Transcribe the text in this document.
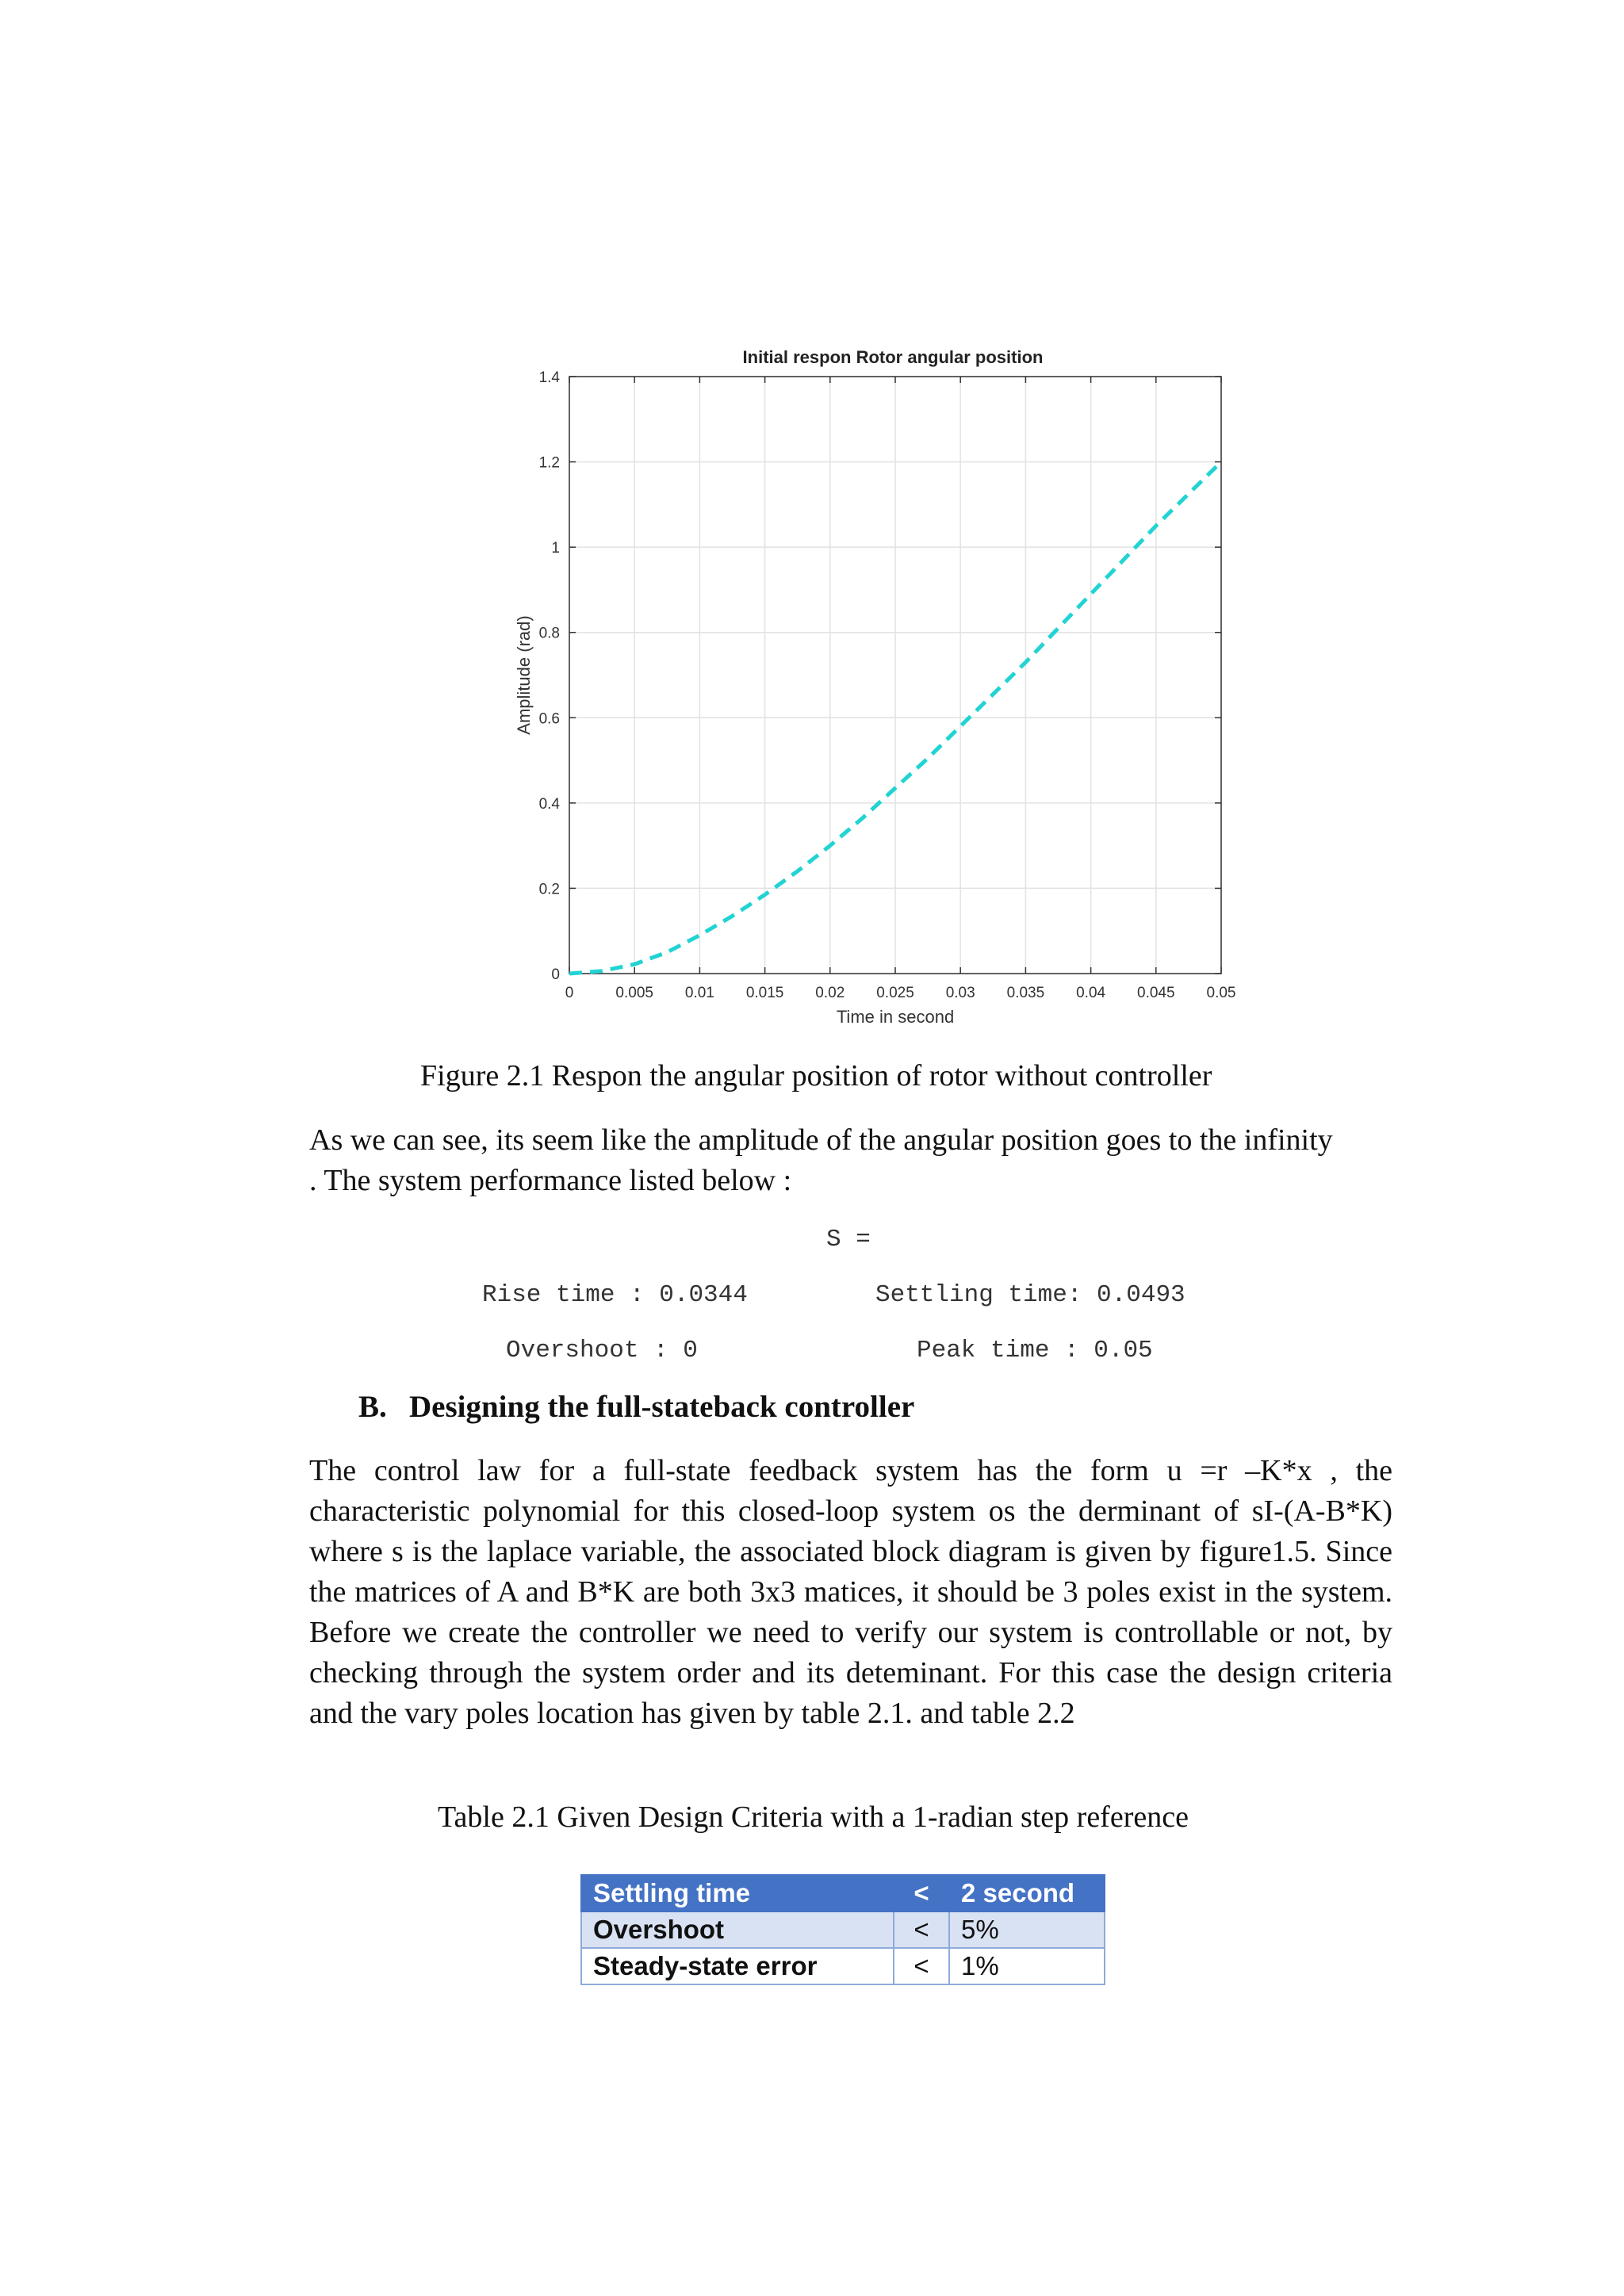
Initial respon Rotor angular position
0	0.005 0.01 0.015 0.02 0.025 0.03 0.035 0.04 0.045 0.05
0
0.2
0.4
0.6
0.8
1
1.2
1.4
Time in second
Amplitude (rad)
Figure 2.1 Respon the angular position of rotor without controller
As we can see, its seem like the amplitude of the angular position goes to the infinity
. The system performance listed below :
S =
Rise time : 0.0344	Settling time: 0.0493
Overshoot : 0	Peak time : 0.05
B. Designing the full-stateback controller
The control law for a full-state feedback system has the form u =r –K*x , the characteristic polynomial for this closed-loop system os the derminant of sI-(A-B*K) where s is the laplace variable, the associated block diagram is given by figure1.5. Since the matrices of A and B*K are both 3x3 matices, it should be 3 poles exist in the system. Before we create the controller we need to verify our system is controllable or not, by checking through the system order and its deteminant. For this case the design criteria and the vary poles location has given by table 2.1. and table 2.2
Table 2.1 Given Design Criteria with a 1-radian step reference
Settling time	<	2 second
Overshoot	<	5%
Steady-state error	<	1%
